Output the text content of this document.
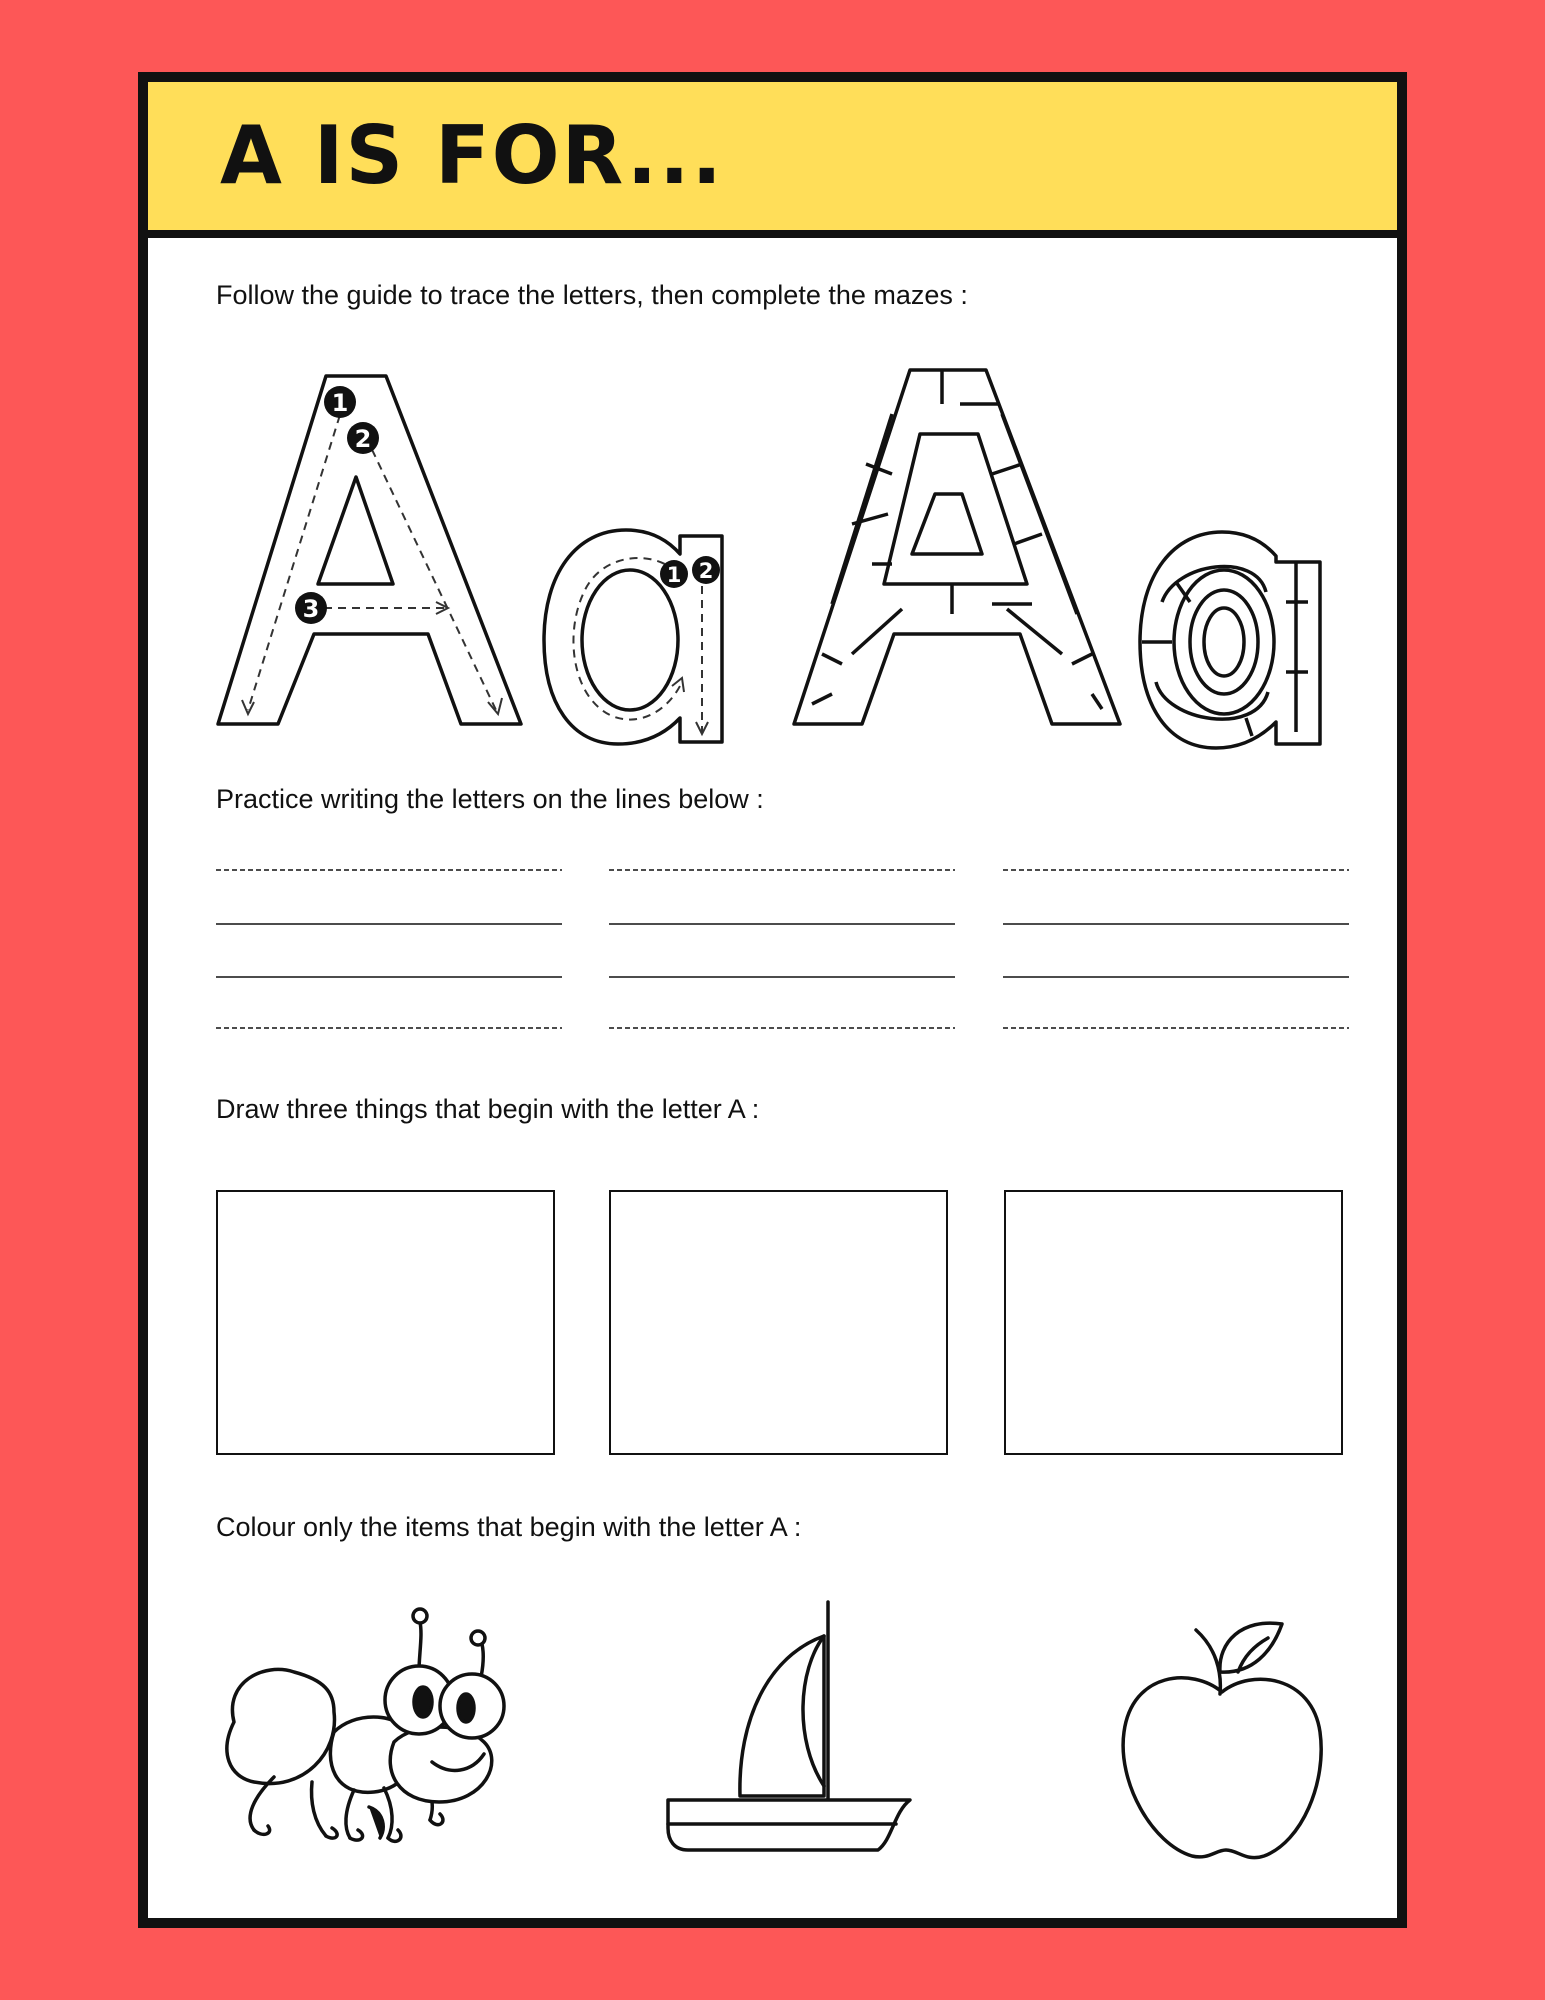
A IS FOR...
Follow the guide to trace the letters, then complete the mazes :
1
2
3
1 2
Practice writing the letters on the lines below :
Draw three things that begin with the letter A :
Colour only the items that begin with the letter A :
